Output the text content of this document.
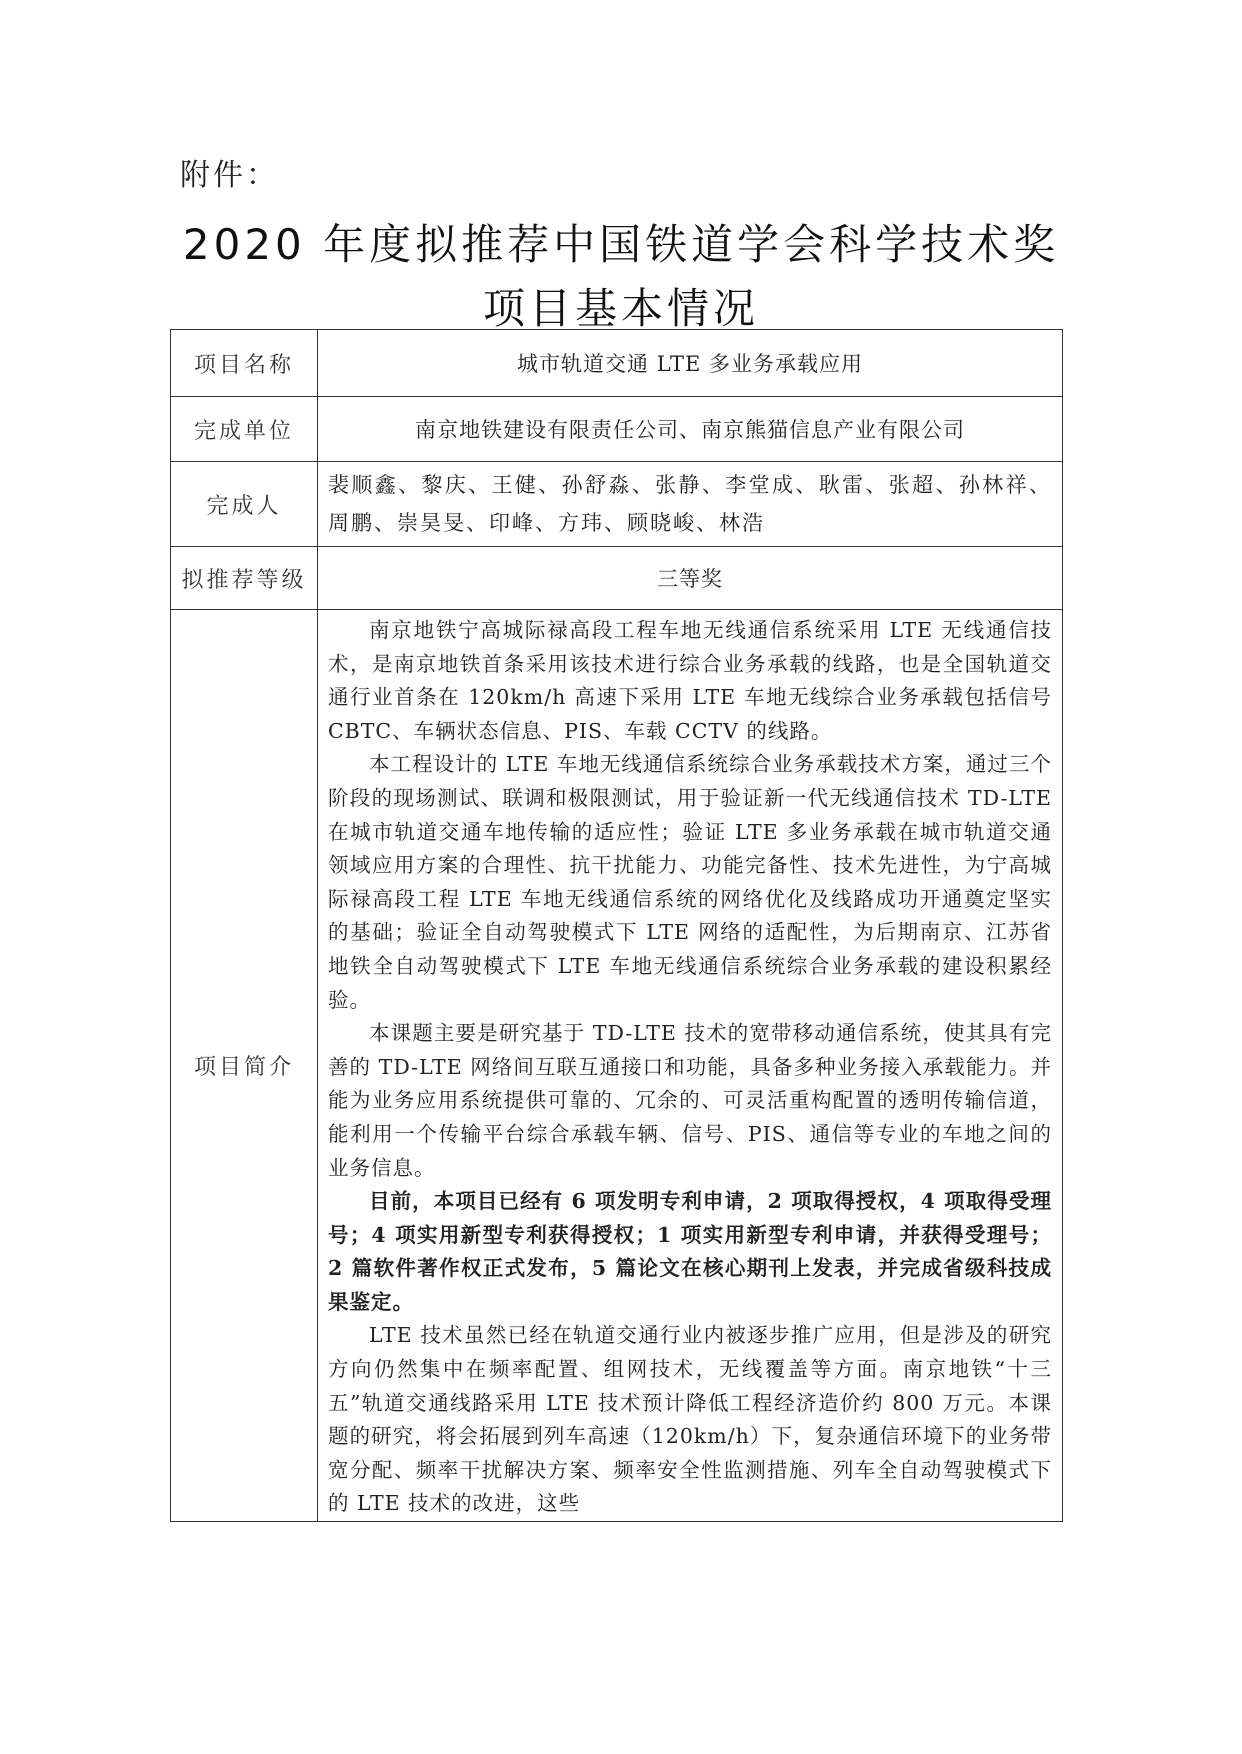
附件：
2020 年度拟推荐中国铁道学会科学技术奖
项目基本情况
项目名称	城市轨道交通 LTE 多业务承载应用
完成单位	南京地铁建设有限责任公司、南京熊猫信息产业有限公司
完成人	裴顺鑫、黎庆、王健、孙舒淼、张静、李堂成、耿雷、张超、孙林祥、周鹏、崇昊旻、印峰、方玮、顾晓峻、林浩
拟推荐等级	三等奖
项目简介	南京地铁宁高城际禄高段工程车地无线通信系统采用 LTE 无线通信技术，是南京地铁首条采用该技术进行综合业务承载的线路，也是全国轨道交通行业首条在 120km/h 高速下采用 LTE 车地无线综合业务承载包括信号 CBTC、车辆状态信息、PIS、车载 CCTV 的线路。

本工程设计的 LTE 车地无线通信系统综合业务承载技术方案，通过三个阶段的现场测试、联调和极限测试，用于验证新一代无线通信技术 TD-LTE 在城市轨道交通车地传输的适应性；验证 LTE 多业务承载在城市轨道交通领域应用方案的合理性、抗干扰能力、功能完备性、技术先进性，为宁高城际禄高段工程 LTE 车地无线通信系统的网络优化及线路成功开通奠定坚实的基础；验证全自动驾驶模式下 LTE 网络的适配性，为后期南京、江苏省地铁全自动驾驶模式下 LTE 车地无线通信系统综合业务承载的建设积累经验。

本课题主要是研究基于 TD-LTE 技术的宽带移动通信系统，使其具有完善的 TD-LTE 网络间互联互通接口和功能，具备多种业务接入承载能力。并能为业务应用系统提供可靠的、冗余的、可灵活重构配置的透明传输信道，能利用一个传输平台综合承载车辆、信号、PIS、通信等专业的车地之间的业务信息。

目前，本项目已经有 6 项发明专利申请，2 项取得授权，4 项取得受理号；4 项实用新型专利获得授权；1 项实用新型专利申请，并获得受理号；2 篇软件著作权正式发布，5 篇论文在核心期刊上发表，并完成省级科技成果鉴定。

LTE 技术虽然已经在轨道交通行业内被逐步推广应用，但是涉及的研究方向仍然集中在频率配置、组网技术，无线覆盖等方面。南京地铁“十三五”轨道交通线路采用 LTE 技术预计降低工程经济造价约 800 万元。本课题的研究，将会拓展到列车高速（120km/h）下，复杂通信环境下的业务带宽分配、频率干扰解决方案、频率安全性监测措施、列车全自动驾驶模式下的 LTE 技术的改进，这些
